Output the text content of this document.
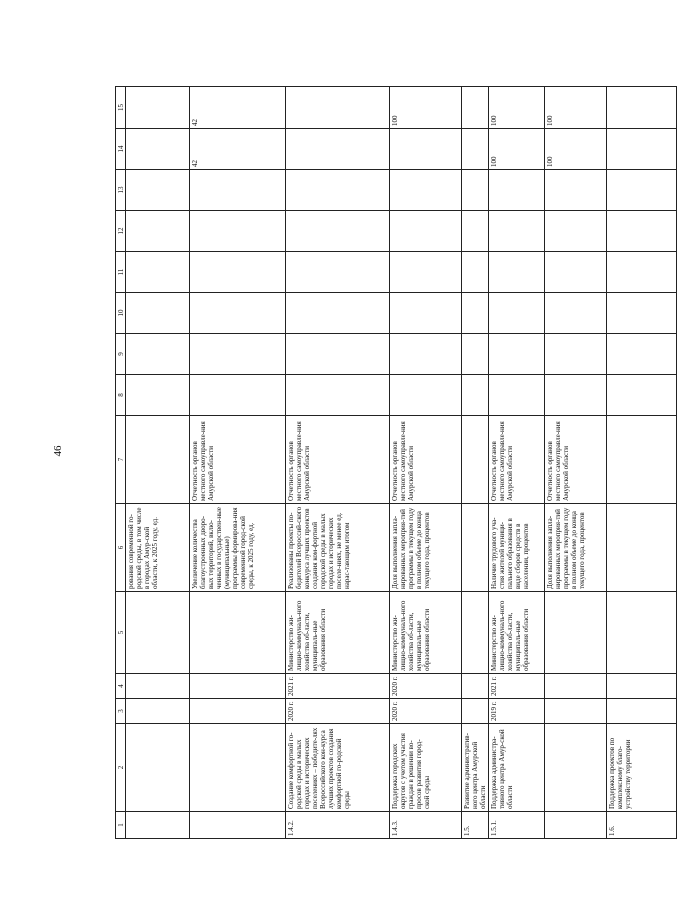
46
1	2	3	4	5	6	7	8	9	10	11	12	13	14	15
					рования современной го-родской среды, в том числе в городах Амур-ской области, к 2025 году, ед.									
					Увеличение количества благоустроенных дворо-вых территорий, вклю-ченных в государствен-ные (муниципальные) программы формирова-ния современной город-ской среды, к 2025 году, ед.	Отчетность органов местного самоуправле-ния Амурской области							42	42
1.4.2.	Создание комфортной го-родской среды в малых городах и исторических поселениях – победите-лях Всероссийского кон-курса лучших проектов создания комфортной го-родской среды	2020 г.	2021 г.	Министерство жи-лищно-коммуналь-ного хозяйства об-ласти, муниципаль-ные образования области	Реализованы проекты по-бедителей Всероссий-ского конкурса лучших проектов создания ком-фортной городской среды в малых городах и исторических поселе-ниях, не менее ед. нарас-тающим итогом	Отчетность органов местного самоуправле-ния Амурской области								
1.4.3.	Поддержка городских округов с учетом участия граждан в решении во-просов развития город-ской среды	2020 г.	2020 г.	Министерство жи-лищно-коммуналь-ного хозяйства об-ласти, муниципаль-ные образования области	Доля выполнения запла-нированных мероприя-тий программы в текущем году в полном объеме до конца текущего года, процентов	Отчетность органов местного самоуправле-ния Амурской области								100
1.5.	Развитие административ-ного центра Амурской области													
1.5.1.	Поддержка администра-тивного центра Амур-ской области	2019 г.	2021 г.	Министерство жи-лищно-коммуналь-ного хозяйства об-ласти, муниципаль-ные образования области	Наличие трудового уча-стия жителей муници-пального образования в виде сборов средств в населении, процентов	Отчетность органов местного самоуправле-ния Амурской области							100	100
					Доля выполнения запла-нированных мероприя-тий программы в текущем году в полном объеме до конца текущего года, процентов	Отчетность органов местного самоуправле-ния Амурской области							100	100
1.6.	Поддержка проектов по комплексному благо-устройству территории													
